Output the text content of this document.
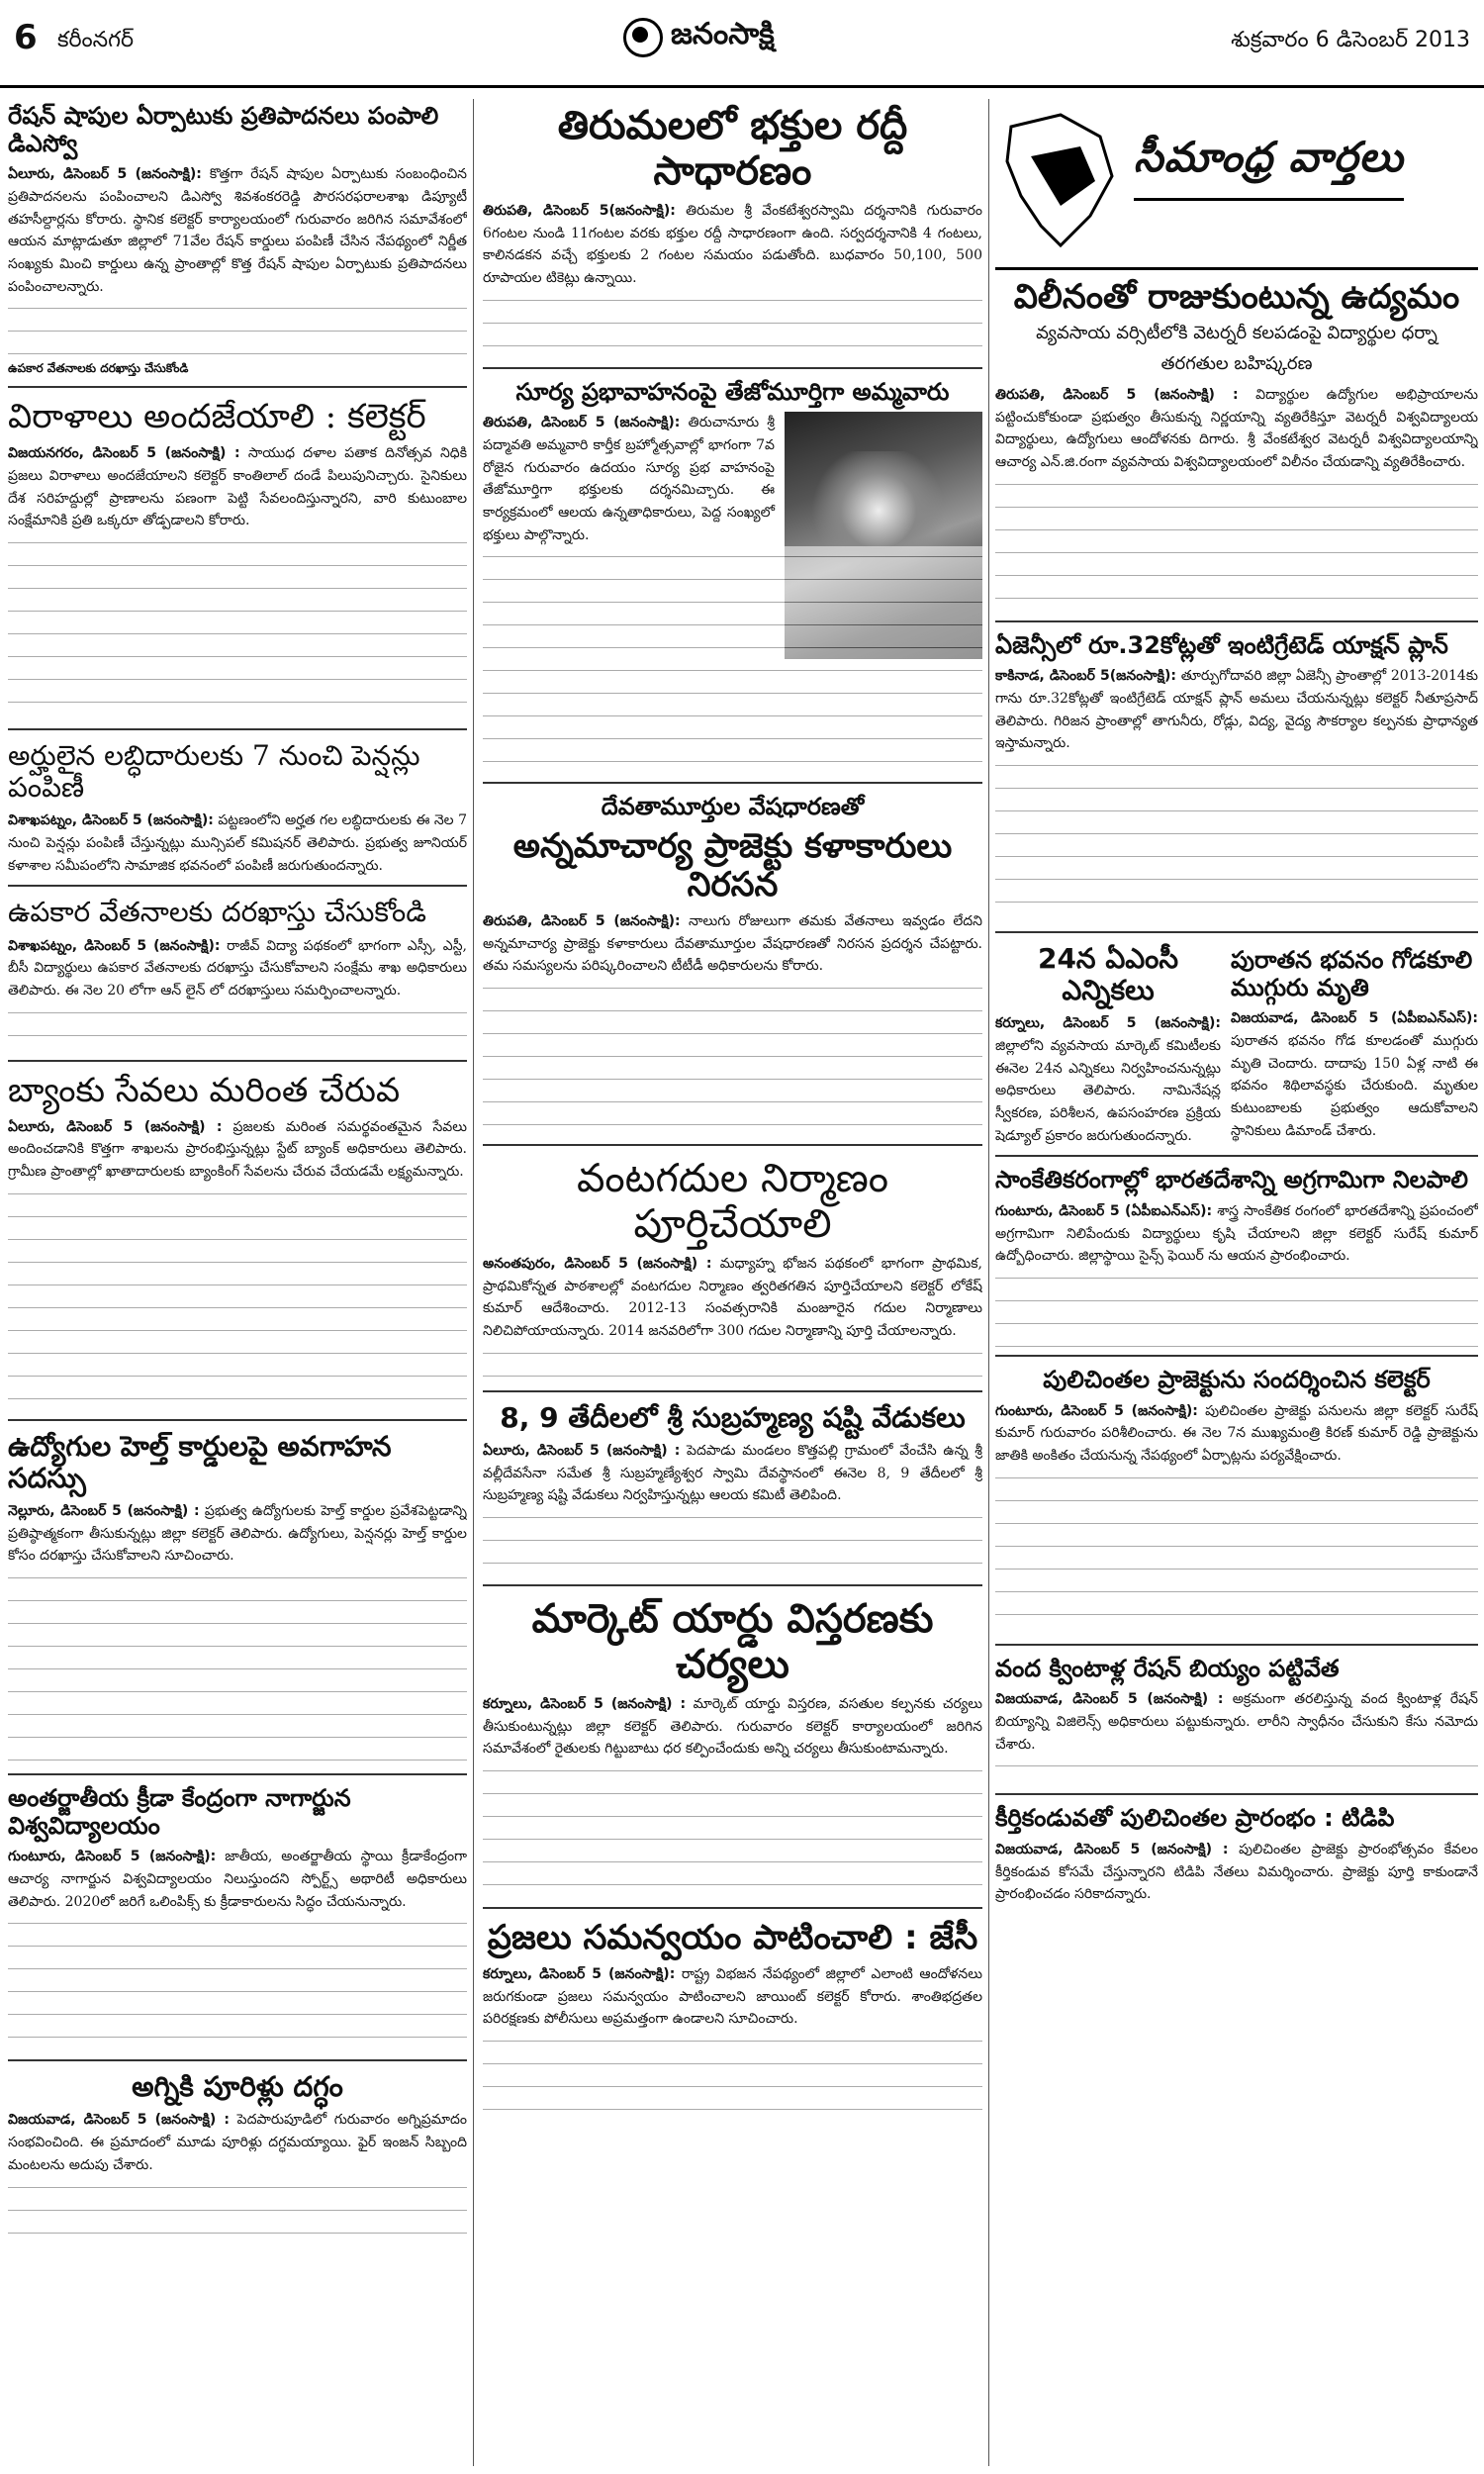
6 కరీంనగర్	జనంసాక్షి	శుక్రవారం 6 డిసెంబర్ 2013
రేషన్ షాపుల ఏర్పాటుకు ప్రతిపాదనలు పంపాలి డిఎస్వో
ఏలూరు, డిసెంబర్ 5 (జనంసాక్షి): కొత్తగా రేషన్ షాపుల ఏర్పాటుకు సంబంధించిన ప్రతిపాదనలను పంపించాలని డిఎస్వో శివశంకరరెడ్డి పౌరసరఫరాలశాఖ డిప్యూటీ తహసీల్దార్లను కోరారు. స్థానిక కలెక్టర్ కార్యాలయంలో గురువారం జరిగిన సమావేశంలో ఆయన మాట్లాడుతూ జిల్లాలో 71వేల రేషన్ కార్డులు పంపిణీ చేసిన నేపథ్యంలో నిర్ణీత సంఖ్యకు మించి కార్డులు ఉన్న ప్రాంతాల్లో కొత్త రేషన్ షాపుల ఏర్పాటుకు ప్రతిపాదనలు పంపించాలన్నారు.
ఉపకార వేతనాలకు దరఖాస్తు చేసుకోండి
విరాళాలు అందజేయాలి : కలెక్టర్
విజయనగరం, డిసెంబర్ 5 (జనంసాక్షి) : సాయుధ దళాల పతాక దినోత్సవ నిధికి ప్రజలు విరాళాలు అందజేయాలని కలెక్టర్ కాంతిలాల్ దండే పిలుపునిచ్చారు. సైనికులు దేశ సరిహద్దుల్లో ప్రాణాలను పణంగా పెట్టి సేవలందిస్తున్నారని, వారి కుటుంబాల సంక్షేమానికి ప్రతి ఒక్కరూ తోడ్పడాలని కోరారు.
అర్హులైన లబ్ధిదారులకు 7 నుంచి పెన్షన్లు పంపిణీ
విశాఖపట్నం, డిసెంబర్ 5 (జనంసాక్షి): పట్టణంలోని అర్హత గల లబ్ధిదారులకు ఈ నెల 7 నుంచి పెన్షన్లు పంపిణీ చేస్తున్నట్లు మున్సిపల్ కమిషనర్ తెలిపారు. ప్రభుత్వ జూనియర్ కళాశాల సమీపంలోని సామాజిక భవనంలో పంపిణీ జరుగుతుందన్నారు.
ఉపకార వేతనాలకు దరఖాస్తు చేసుకోండి
విశాఖపట్నం, డిసెంబర్ 5 (జనంసాక్షి): రాజీవ్ విద్యా పథకంలో భాగంగా ఎస్సీ, ఎస్టీ, బీసీ విద్యార్థులు ఉపకార వేతనాలకు దరఖాస్తు చేసుకోవాలని సంక్షేమ శాఖ అధికారులు తెలిపారు. ఈ నెల 20 లోగా ఆన్ లైన్ లో దరఖాస్తులు సమర్పించాలన్నారు.
బ్యాంకు సేవలు మరింత చేరువ
ఏలూరు, డిసెంబర్ 5 (జనంసాక్షి) : ప్రజలకు మరింత సమర్థవంతమైన సేవలు అందించడానికి కొత్తగా శాఖలను ప్రారంభిస్తున్నట్లు స్టేట్ బ్యాంక్ అధికారులు తెలిపారు. గ్రామీణ ప్రాంతాల్లో ఖాతాదారులకు బ్యాంకింగ్ సేవలను చేరువ చేయడమే లక్ష్యమన్నారు.
ఉద్యోగుల హెల్త్ కార్డులపై అవగాహన సదస్సు
నెల్లూరు, డిసెంబర్ 5 (జనంసాక్షి) : ప్రభుత్వ ఉద్యోగులకు హెల్త్ కార్డుల ప్రవేశపెట్టడాన్ని ప్రతిష్ఠాత్మకంగా తీసుకున్నట్లు జిల్లా కలెక్టర్ తెలిపారు. ఉద్యోగులు, పెన్షనర్లు హెల్త్ కార్డుల కోసం దరఖాస్తు చేసుకోవాలని సూచించారు.
అంతర్జాతీయ క్రీడా కేంద్రంగా నాగార్జున విశ్వవిద్యాలయం
గుంటూరు, డిసెంబర్ 5 (జనంసాక్షి): జాతీయ, అంతర్జాతీయ స్థాయి క్రీడాకేంద్రంగా ఆచార్య నాగార్జున విశ్వవిద్యాలయం నిలుస్తుందని స్పోర్ట్స్ అథారిటీ అధికారులు తెలిపారు. 2020లో జరిగే ఒలింపిక్స్ కు క్రీడాకారులను సిద్ధం చేయనున్నారు.
అగ్నికి పూరిళ్లు దగ్ధం
విజయవాడ, డిసెంబర్ 5 (జనంసాక్షి) : పెదపారుపూడిలో గురువారం అగ్నిప్రమాదం సంభవించింది. ఈ ప్రమాదంలో మూడు పూరిళ్లు దగ్ధమయ్యాయి. ఫైర్ ఇంజన్ సిబ్బంది మంటలను అదుపు చేశారు.
తిరుమలలో భక్తుల రద్దీ సాధారణం
తిరుపతి, డిసెంబర్ 5(జనంసాక్షి): తిరుమల శ్రీ వేంకటేశ్వరస్వామి దర్శనానికి గురువారం 6గంటల నుండి 11గంటల వరకు భక్తుల రద్దీ సాధారణంగా ఉంది. సర్వదర్శనానికి 4 గంటలు, కాలినడకన వచ్చే భక్తులకు 2 గంటల సమయం పడుతోంది. బుధవారం 50,100, 500 రూపాయల టికెట్లు ఉన్నాయి.
సూర్య ప్రభావాహనంపై తేజోమూర్తిగా అమ్మవారు
తిరుపతి, డిసెంబర్ 5 (జనంసాక్షి): తిరుచానూరు శ్రీ పద్మావతి అమ్మవారి కార్తీక బ్రహ్మోత్సవాల్లో భాగంగా 7వ రోజైన గురువారం ఉదయం సూర్య ప్రభ వాహనంపై తేజోమూర్తిగా భక్తులకు దర్శనమిచ్చారు. ఈ కార్యక్రమంలో ఆలయ ఉన్నతాధికారులు, పెద్ద సంఖ్యలో భక్తులు పాల్గొన్నారు.
దేవతామూర్తుల వేషధారణతో
అన్నమాచార్య ప్రాజెక్టు కళాకారులు నిరసన
తిరుపతి, డిసెంబర్ 5 (జనంసాక్షి): నాలుగు రోజులుగా తమకు వేతనాలు ఇవ్వడం లేదని అన్నమాచార్య ప్రాజెక్టు కళాకారులు దేవతామూర్తుల వేషధారణతో నిరసన ప్రదర్శన చేపట్టారు. తమ సమస్యలను పరిష్కరించాలని టీటీడీ అధికారులను కోరారు.
వంటగదుల నిర్మాణం పూర్తిచేయాలి
అనంతపురం, డిసెంబర్ 5 (జనంసాక్షి) : మధ్యాహ్న భోజన పథకంలో భాగంగా ప్రాథమిక, ప్రాథమికోన్నత పాఠశాలల్లో వంటగదుల నిర్మాణం త్వరితగతిన పూర్తిచేయాలని కలెక్టర్ లోకేష్ కుమార్ ఆదేశించారు. 2012-13 సంవత్సరానికి మంజూరైన గదుల నిర్మాణాలు నిలిచిపోయాయన్నారు. 2014 జనవరిలోగా 300 గదుల నిర్మాణాన్ని పూర్తి చేయాలన్నారు.
8, 9 తేదీలలో శ్రీ సుబ్రహ్మణ్య షష్టి వేడుకలు
ఏలూరు, డిసెంబర్ 5 (జనంసాక్షి) : పెదపాడు మండలం కొత్తపల్లి గ్రామంలో వేంచేసి ఉన్న శ్రీ వల్లీదేవసేనా సమేత శ్రీ సుబ్రహ్మణ్యేశ్వర స్వామి దేవస్థానంలో ఈనెల 8, 9 తేదీలలో శ్రీ సుబ్రహ్మణ్య షష్టి వేడుకలు నిర్వహిస్తున్నట్లు ఆలయ కమిటీ తెలిపింది.
మార్కెట్ యార్డు విస్తరణకు చర్యలు
కర్నూలు, డిసెంబర్ 5 (జనంసాక్షి) : మార్కెట్ యార్డు విస్తరణ, వసతుల కల్పనకు చర్యలు తీసుకుంటున్నట్లు జిల్లా కలెక్టర్ తెలిపారు. గురువారం కలెక్టర్ కార్యాలయంలో జరిగిన సమావేశంలో రైతులకు గిట్టుబాటు ధర కల్పించేందుకు అన్ని చర్యలు తీసుకుంటామన్నారు.
ప్రజలు సమన్వయం పాటించాలి : జేసీ
కర్నూలు, డిసెంబర్ 5 (జనంసాక్షి): రాష్ట్ర విభజన నేపథ్యంలో జిల్లాలో ఎలాంటి ఆందోళనలు జరుగకుండా ప్రజలు సమన్వయం పాటించాలని జాయింట్ కలెక్టర్ కోరారు. శాంతిభద్రతల పరిరక్షణకు పోలీసులు అప్రమత్తంగా ఉండాలని సూచించారు.
సీమాంధ్ర వార్తలు
విలీనంతో రాజుకుంటున్న ఉద్యమం
వ్యవసాయ వర్సిటీలోకి వెటర్నరీ కలపడంపై విద్యార్థుల ధర్నా
తరగతుల బహిష్కరణ
తిరుపతి, డిసెంబర్ 5 (జనంసాక్షి) : విద్యార్థుల ఉద్యోగుల అభిప్రాయాలను పట్టించుకోకుండా ప్రభుత్వం తీసుకున్న నిర్ణయాన్ని వ్యతిరేకిస్తూ వెటర్నరీ విశ్వవిద్యాలయ విద్యార్థులు, ఉద్యోగులు ఆందోళనకు దిగారు. శ్రీ వేంకటేశ్వర వెటర్నరీ విశ్వవిద్యాలయాన్ని ఆచార్య ఎన్.జి.రంగా వ్యవసాయ విశ్వవిద్యాలయంలో విలీనం చేయడాన్ని వ్యతిరేకించారు.
ఏజెన్సీలో రూ.32కోట్లతో ఇంటిగ్రేటెడ్ యాక్షన్ ప్లాన్
కాకినాడ, డిసెంబర్ 5(జనంసాక్షి): తూర్పుగోదావరి జిల్లా ఏజెన్సీ ప్రాంతాల్లో 2013-2014కు గాను రూ.32కోట్లతో ఇంటిగ్రేటెడ్ యాక్షన్ ప్లాన్ అమలు చేయనున్నట్లు కలెక్టర్ నీతూప్రసాద్ తెలిపారు. గిరిజన ప్రాంతాల్లో తాగునీరు, రోడ్లు, విద్య, వైద్య సౌకర్యాల కల్పనకు ప్రాధాన్యత ఇస్తామన్నారు.
పురాతన భవనం గోడకూలి ముగ్గురు మృతి
విజయవాడ, డిసెంబర్ 5 (ఏపీఐఎన్ఎస్): పురాతన భవనం గోడ కూలడంతో ముగ్గురు మృతి చెందారు. దాదాపు 150 ఏళ్ల నాటి ఈ భవనం శిథిలావస్థకు చేరుకుంది. మృతుల కుటుంబాలకు ప్రభుత్వం ఆదుకోవాలని స్థానికులు డిమాండ్ చేశారు.
24న ఏఎంసీ ఎన్నికలు
కర్నూలు, డిసెంబర్ 5 (జనంసాక్షి): జిల్లాలోని వ్యవసాయ మార్కెట్ కమిటీలకు ఈనెల 24న ఎన్నికలు నిర్వహించనున్నట్లు అధికారులు తెలిపారు. నామినేషన్ల స్వీకరణ, పరిశీలన, ఉపసంహరణ ప్రక్రియ షెడ్యూల్ ప్రకారం జరుగుతుందన్నారు.
సాంకేతికరంగాల్లో భారతదేశాన్ని అగ్రగామిగా నిలపాలి
గుంటూరు, డిసెంబర్ 5 (ఏపీఐఎన్ఎస్): శాస్త్ర సాంకేతిక రంగంలో భారతదేశాన్ని ప్రపంచంలో అగ్రగామిగా నిలిపేందుకు విద్యార్థులు కృషి చేయాలని జిల్లా కలెక్టర్ సురేష్ కుమార్ ఉద్బోధించారు. జిల్లాస్థాయి సైన్స్ ఫెయిర్ ను ఆయన ప్రారంభించారు.
పులిచింతల ప్రాజెక్టును సందర్శించిన కలెక్టర్
గుంటూరు, డిసెంబర్ 5 (జనంసాక్షి): పులిచింతల ప్రాజెక్టు పనులను జిల్లా కలెక్టర్ సురేష్ కుమార్ గురువారం పరిశీలించారు. ఈ నెల 7న ముఖ్యమంత్రి కిరణ్ కుమార్ రెడ్డి ప్రాజెక్టును జాతికి అంకితం చేయనున్న నేపథ్యంలో ఏర్పాట్లను పర్యవేక్షించారు.
వంద క్వింటాళ్ల రేషన్ బియ్యం పట్టివేత
విజయవాడ, డిసెంబర్ 5 (జనంసాక్షి) : అక్రమంగా తరలిస్తున్న వంద క్వింటాళ్ల రేషన్ బియ్యాన్ని విజిలెన్స్ అధికారులు పట్టుకున్నారు. లారీని స్వాధీనం చేసుకుని కేసు నమోదు చేశారు.
కీర్తికండువతో పులిచింతల ప్రారంభం : టిడిపి
విజయవాడ, డిసెంబర్ 5 (జనంసాక్షి) : పులిచింతల ప్రాజెక్టు ప్రారంభోత్సవం కేవలం కీర్తికండువ కోసమే చేస్తున్నారని టిడిపి నేతలు విమర్శించారు. ప్రాజెక్టు పూర్తి కాకుండానే ప్రారంభించడం సరికాదన్నారు.
